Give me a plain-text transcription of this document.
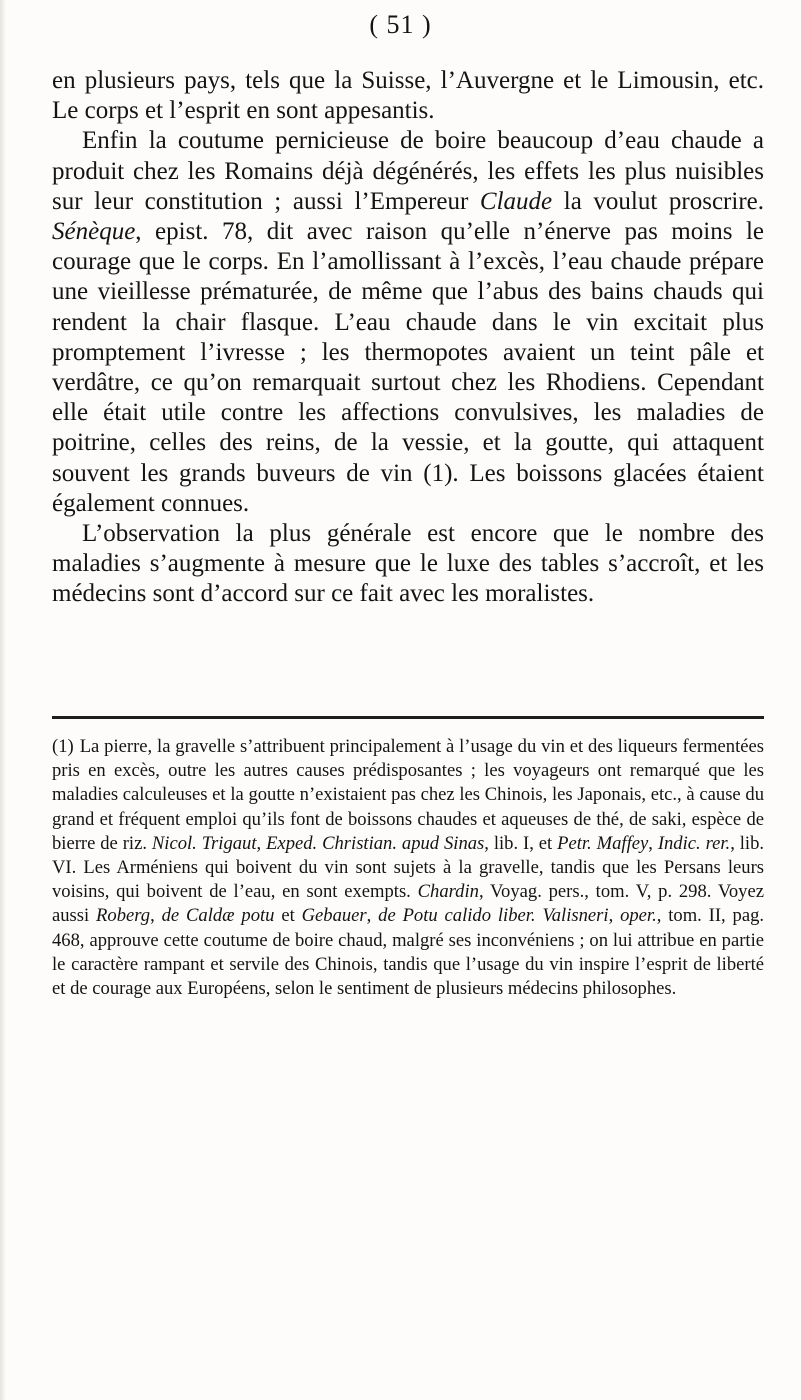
( 51 )

en plusieurs pays, tels que la Suisse, l’Auvergne et le Limousin, etc. Le corps et l’esprit en sont appesantis.

Enfin la coutume pernicieuse de boire beaucoup d’eau chaude a produit chez les Romains déjà dégénérés, les effets les plus nuisibles sur leur constitution ; aussi l’Empereur Claude la voulut proscrire. Sénèque, epist. 78, dit avec raison qu’elle n’énerve pas moins le courage que le corps. En l’amollissant à l’excès, l’eau chaude prépare une vieillesse prématurée, de même que l’abus des bains chauds qui rendent la chair flasque. L’eau chaude dans le vin excitait plus promptement l’ivresse ; les thermopotes avaient un teint pâle et verdâtre, ce qu’on remarquait surtout chez les Rhodiens. Cependant elle était utile contre les affections convulsives, les maladies de poitrine, celles des reins, de la vessie, et la goutte, qui attaquent souvent les grands buveurs de vin (1). Les boissons glacées étaient également connues.

L’observation la plus générale est encore que le nombre des maladies s’augmente à mesure que le luxe des tables s’accroît, et les médecins sont d’accord sur ce fait avec les moralistes.

(1) La pierre, la gravelle s’attribuent principalement à l’usage du vin et des liqueurs fermentées pris en excès, outre les autres causes prédisposantes ; les voyageurs ont remarqué que les maladies calculeuses et la goutte n’existaient pas chez les Chinois, les Japonais, etc., à cause du grand et fréquent emploi qu’ils font de boissons chaudes et aqueuses de thé, de saki, espèce de bierre de riz. Nicol. Trigaut, Exped. Christian. apud Sinas, lib. I, et Petr. Maffey, Indic. rer., lib. VI. Les Arméniens qui boivent du vin sont sujets à la gravelle, tandis que les Persans leurs voisins, qui boivent de l’eau, en sont exempts. Chardin, Voyag. pers., tom. V, p. 298. Voyez aussi Roberg, de Caldæ potu et Gebauer, de Potu calido liber. Valisneri, oper., tom. II, pag. 468, approuve cette coutume de boire chaud, malgré ses inconvéniens ; on lui attribue en partie le caractère rampant et servile des Chinois, tandis que l’usage du vin inspire l’esprit de liberté et de courage aux Européens, selon le sentiment de plusieurs médecins philosophes.
